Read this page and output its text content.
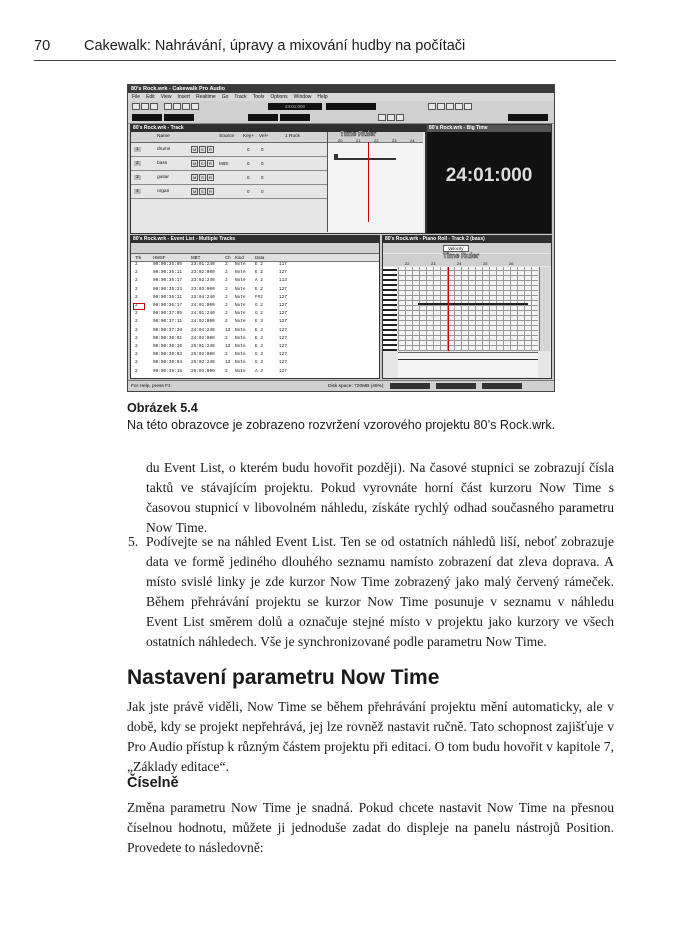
70 Cakewalk: Nahrávání, úpravy a mixování hudby na počítači
80's Rock.wrk - Cakewalk Pro Audio
File Edit View Insert Realtime Go Track Tools Options Window Help
24:01:000
80's Rock.wrk - Track
Name	Source Key+ Vel+	1 Rock
1	drums	M	S	R	0	0
2	bass	M	S	R	MIDI	0	0
3	guitar	M	S	R	0	0
4	organ	M	S	R	0	0
Time Ruler
20	21	22	23	24
80's Rock.wrk - Big Time
24:01:000
80's Rock.wrk - Event List - Multiple Tracks
Trk	HMSF	MBT	Ch Kind	Data
2	00:00:35:05 23:01:240 2 Note E 2	117
2	00:00:35:11 23:02:000 2 Note E 2	127
2	00:00:35:17 23:02:240 2 Note A 2	113
2	00:00:35:23 23:03:000 2 Note E 2	127
2	00:00:36:11 23:04:240 2 Note F#2	127
2	00:00:36:17 24:01:000 2 Note G 2	127
2	00:00:37:05 24:01:240 2 Note G 2	127
2	00:00:37:11 24:02:000 2 Note E 3	127
2	00:00:37:28 24:04:240 13 Note E 3	127
2	00:00:38:01 24:02:000 2 Note E 3	127
2	00:00:38:10 25:01:240 13 Note E 3	127
2	00:00:39:03 25:02:000 2 Note G 3	127
2	00:00:39:04 25:03:240 13 Note G 3	127
2	00:00:39:18 25:03:000 2 Note A 3	127
80's Rock.wrk - Piano Roll - Track 2 (bass)
Velocity
Time Ruler
22	23	24	25	26
For Help, press F1	Disk space: 720MB (49%)
Obrázek 5.4
Na této obrazovce je zobrazeno rozvržení vzorového projektu 80’s Rock.wrk.
du Event List, o kterém budu hovořit později). Na časové stupnici se zobrazují čísla taktů ve stávajícím projektu. Pokud vyrovnáte horní část kurzoru Now Time s časovou stupnicí v libovolném náhledu, získáte rychlý odhad současného parametru Now Time.
5. Podívejte se na náhled Event List. Ten se od ostatních náhledů liší, neboť zobrazuje data ve formě jediného dlouhého seznamu namísto zobrazení dat zleva doprava. A místo svislé linky je zde kurzor Now Time zobrazený jako malý červený rámeček. Během přehrávání projektu se kurzor Now Time posunuje v seznamu v náhledu Event List směrem dolů a označuje stejné místo v projektu jako kurzory ve všech ostatních náhledech. Vše je synchronizované podle parametru Now Time.
Nastavení parametru Now Time
Jak jste právě viděli, Now Time se během přehrávání projektu mění automaticky, ale v době, kdy se projekt nepřehrává, jej lze rovněž nastavit ručně. Tato schopnost zajišťuje v Pro Audio přístup k různým částem projektu při editaci. O tom budu hovořit v kapitole 7, „Základy editace“.
Číselně
Změna parametru Now Time je snadná. Pokud chcete nastavit Now Time na přesnou číselnou hodnotu, můžete ji jednoduše zadat do displeje na panelu nástrojů Position. Provedete to následovně:
